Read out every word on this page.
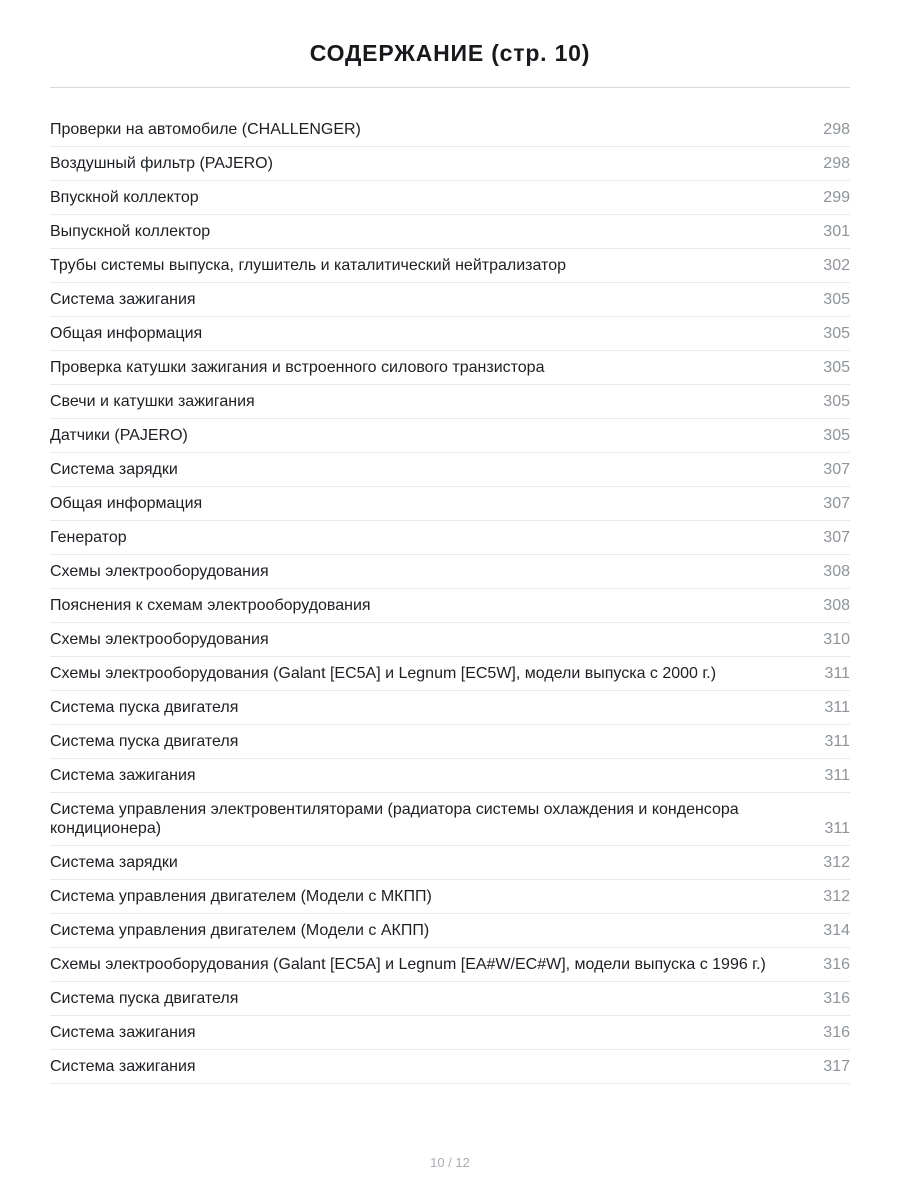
СОДЕРЖАНИЕ (стр. 10)
Проверки на автомобиле (CHALLENGER)	298
Воздушный фильтр (PAJERO)	298
Впускной коллектор	299
Выпускной коллектор	301
Трубы системы выпуска, глушитель и каталитический нейтрализатор	302
Система зажигания	305
Общая информация	305
Проверка катушки зажигания и встроенного силового транзистора	305
Свечи и катушки зажигания	305
Датчики (PAJERO)	305
Система зарядки	307
Общая информация	307
Генератор	307
Схемы электрооборудования	308
Пояснения к схемам электрооборудования	308
Схемы электрооборудования	310
Схемы электрооборудования (Galant [EC5A] и Legnum [EC5W], модели выпуска с 2000 г.)	311
Система пуска двигателя	311
Система пуска двигателя	311
Система зажигания	311
Система управления электровентиляторами (радиатора системы охлаждения и конденсора кондиционера)	311
Система зарядки	312
Система управления двигателем (Модели с МКПП)	312
Система управления двигателем (Модели с АКПП)	314
Схемы электрооборудования (Galant [EC5A] и Legnum [EA#W/EC#W], модели выпуска с 1996 г.)	316
Система пуска двигателя	316
Система зажигания	316
Система зажигания	317
10 / 12
